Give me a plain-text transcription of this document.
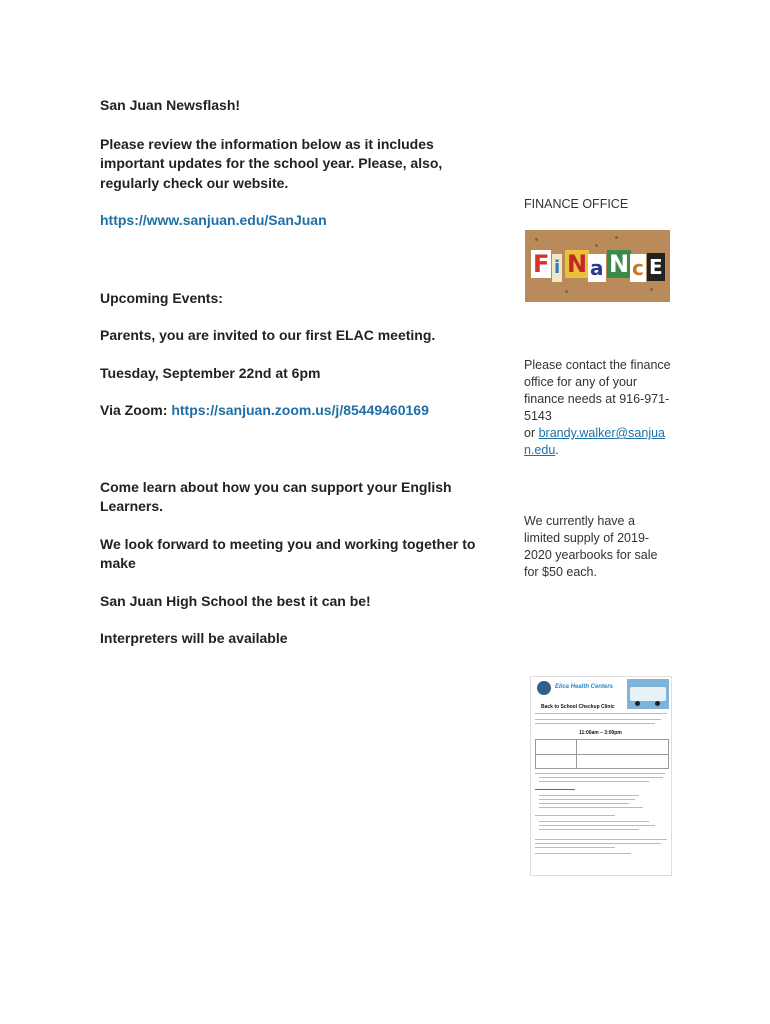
San Juan Newsflash!

Please review the information below as it includes important updates for the school year. Please, also, regularly check our website.

https://www.sanjuan.edu/SanJuan

Upcoming Events:

Parents, you are invited to our first ELAC meeting.

Tuesday, September 22nd at 6pm

Via Zoom: https://sanjuan.zoom.us/j/85449460169

Come learn about how you can support your English Learners.

We look forward to meeting you and working together to make

San Juan High School the best it can be!

Interpreters will be available

FINANCE OFFICE
F i N a N c E
Please contact the finance office for any of your finance needs at 916-971-5143
or brandy.walker@sanjuan.edu.
We currently have a limited supply of 2019-2020 yearbooks for sale for $50 each.
Elica Health Centers
Back to School Checkup Clinic
11:00am – 3:00pm
